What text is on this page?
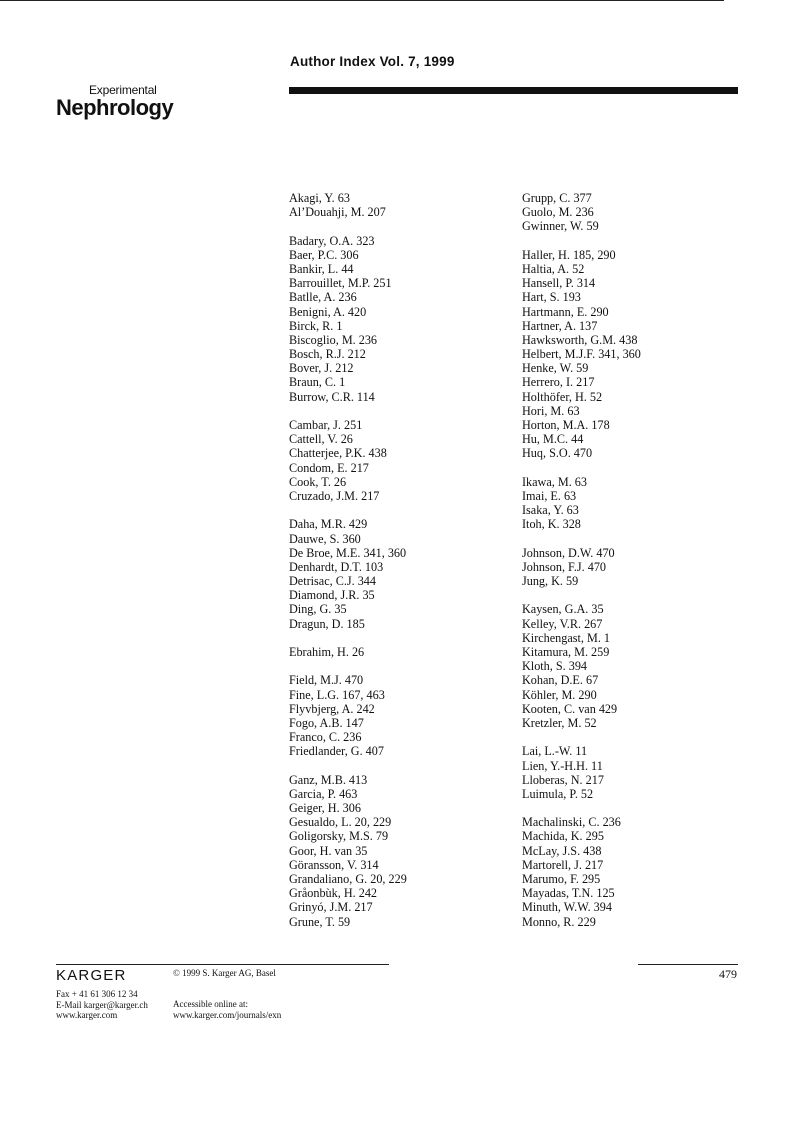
Experimental
Nephrology
Author Index Vol. 7, 1999
Akagi, Y. 63
Al’Douahji, M. 207
Badary, O.A. 323
Baer, P.C. 306
Bankir, L. 44
Barrouillet, M.P. 251
Batlle, A. 236
Benigni, A. 420
Birck, R. 1
Biscoglio, M. 236
Bosch, R.J. 212
Bover, J. 212
Braun, C. 1
Burrow, C.R. 114
Cambar, J. 251
Cattell, V. 26
Chatterjee, P.K. 438
Condom, E. 217
Cook, T. 26
Cruzado, J.M. 217
Daha, M.R. 429
Dauwe, S. 360
De Broe, M.E. 341, 360
Denhardt, D.T. 103
Detrisac, C.J. 344
Diamond, J.R. 35
Ding, G. 35
Dragun, D. 185
Ebrahim, H. 26
Field, M.J. 470
Fine, L.G. 167, 463
Flyvbjerg, A. 242
Fogo, A.B. 147
Franco, C. 236
Friedlander, G. 407
Ganz, M.B. 413
Garcia, P. 463
Geiger, H. 306
Gesualdo, L. 20, 229
Goligorsky, M.S. 79
Goor, H. van 35
Göransson, V. 314
Grandaliano, G. 20, 229
Gråonbùk, H. 242
Grinyó, J.M. 217
Grune, T. 59
Grupp, C. 377
Guolo, M. 236
Gwinner, W. 59
Haller, H. 185, 290
Haltia, A. 52
Hansell, P. 314
Hart, S. 193
Hartmann, E. 290
Hartner, A. 137
Hawksworth, G.M. 438
Helbert, M.J.F. 341, 360
Henke, W. 59
Herrero, I. 217
Holthöfer, H. 52
Hori, M. 63
Horton, M.A. 178
Hu, M.C. 44
Huq, S.O. 470
Ikawa, M. 63
Imai, E. 63
Isaka, Y. 63
Itoh, K. 328
Johnson, D.W. 470
Johnson, F.J. 470
Jung, K. 59
Kaysen, G.A. 35
Kelley, V.R. 267
Kirchengast, M. 1
Kitamura, M. 259
Kloth, S. 394
Kohan, D.E. 67
Köhler, M. 290
Kooten, C. van 429
Kretzler, M. 52
Lai, L.-W. 11
Lien, Y.-H.H. 11
Lloberas, N. 217
Luimula, P. 52
Machalinski, C. 236
Machida, K. 295
McLay, J.S. 438
Martorell, J. 217
Marumo, F. 295
Mayadas, T.N. 125
Minuth, W.W. 394
Monno, R. 229
KARGER	© 1999 S. Karger AG, Basel	479
Fax + 41 61 306 12 34
E-Mail karger@karger.ch
www.karger.com
Accessible online at:
www.karger.com/journals/exn
